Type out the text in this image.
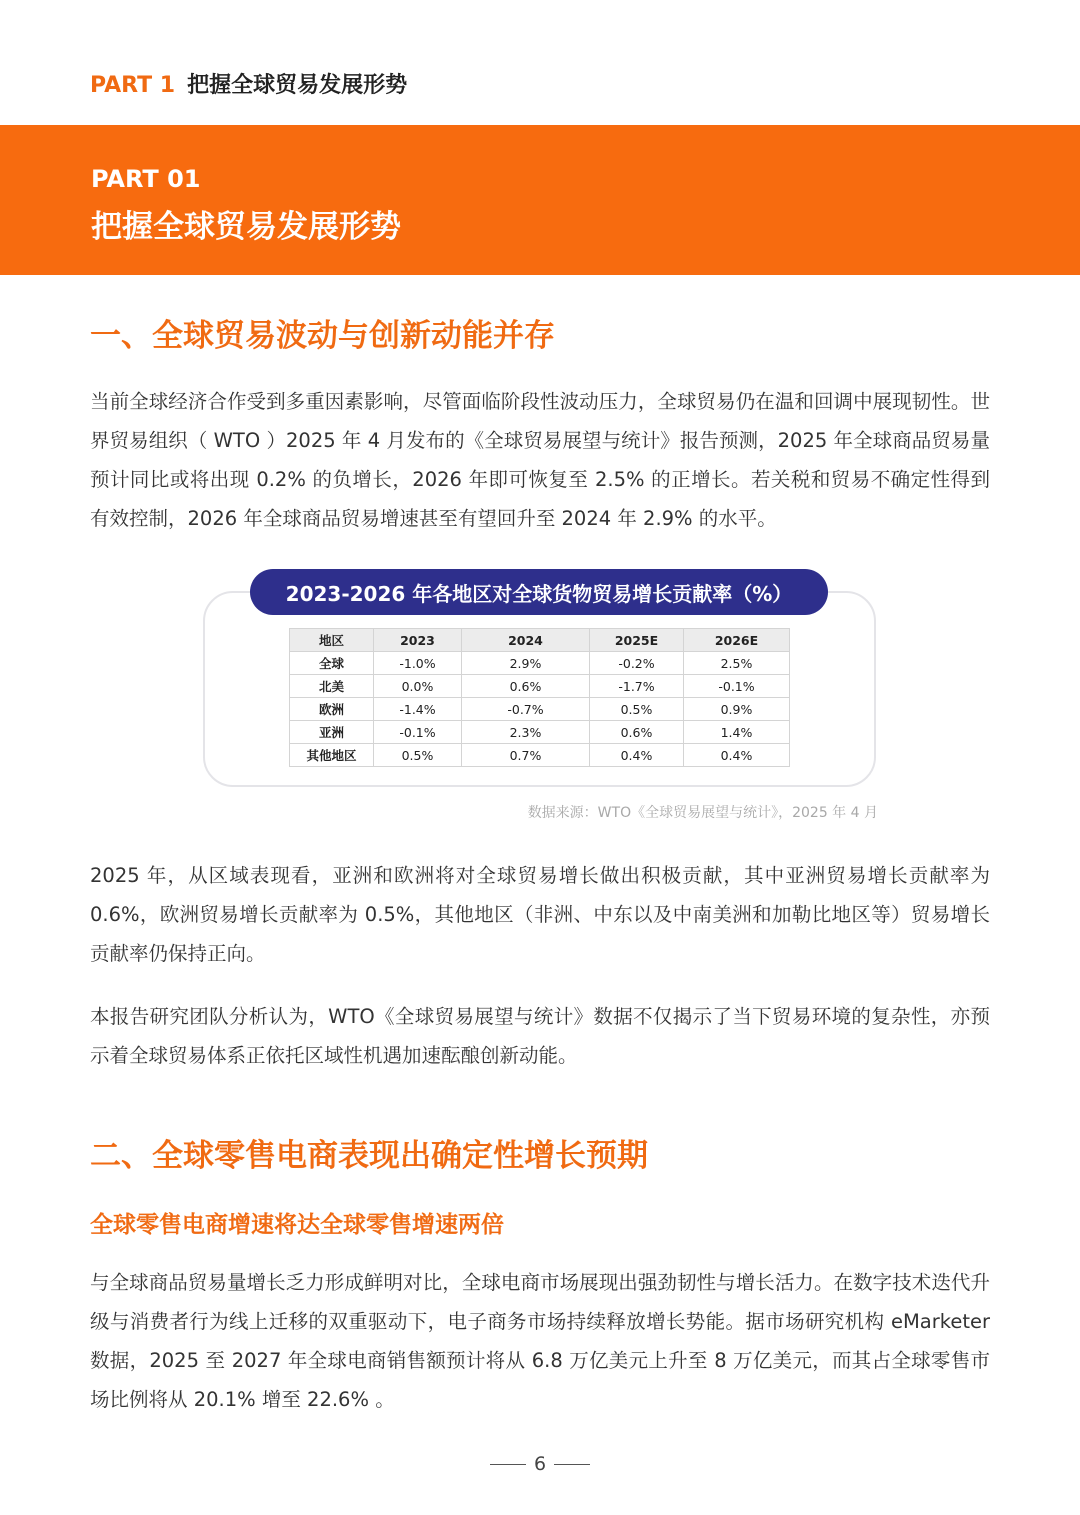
PART 1 把握全球贸易发展形势
PART 01
把握全球贸易发展形势
一、全球贸易波动与创新动能并存
当前全球经济合作受到多重因素影响，尽管面临阶段性波动压力，全球贸易仍在温和回调中展现韧性。世界贸易组织（ WTO ）2025 年 4 月发布的《全球贸易展望与统计》报告预测，2025 年全球商品贸易量预计同比或将出现 0.2% 的负增长，2026 年即可恢复至 2.5% 的正增长。若关税和贸易不确定性得到有效控制，2026 年全球商品贸易增速甚至有望回升至 2024 年 2.9% 的水平。
2023-2026 年各地区对全球货物贸易增长贡献率（%）
地区	2023	2024	2025E	2026E
全球	-1.0%	2.9%	-0.2%	2.5%
北美	0.0%	0.6%	-1.7%	-0.1%
欧洲	-1.4%	-0.7%	0.5%	0.9%
亚洲	-0.1%	2.3%	0.6%	1.4%
其他地区	0.5%	0.7%	0.4%	0.4%
数据来源：WTO《全球贸易展望与统计》，2025 年 4 月
2025 年，从区域表现看，亚洲和欧洲将对全球贸易增长做出积极贡献，其中亚洲贸易增长贡献率为 0.6%，欧洲贸易增长贡献率为 0.5%，其他地区（非洲、中东以及中南美洲和加勒比地区等）贸易增长贡献率仍保持正向。
本报告研究团队分析认为，WTO《全球贸易展望与统计》数据不仅揭示了当下贸易环境的复杂性，亦预示着全球贸易体系正依托区域性机遇加速酝酿创新动能。
二、全球零售电商表现出确定性增长预期
全球零售电商增速将达全球零售增速两倍
与全球商品贸易量增长乏力形成鲜明对比，全球电商市场展现出强劲韧性与增长活力。在数字技术迭代升级与消费者行为线上迁移的双重驱动下，电子商务市场持续释放增长势能。据市场研究机构 eMarketer 数据，2025 至 2027 年全球电商销售额预计将从 6.8 万亿美元上升至 8 万亿美元，而其占全球零售市场比例将从 20.1% 增至 22.6% 。
6
